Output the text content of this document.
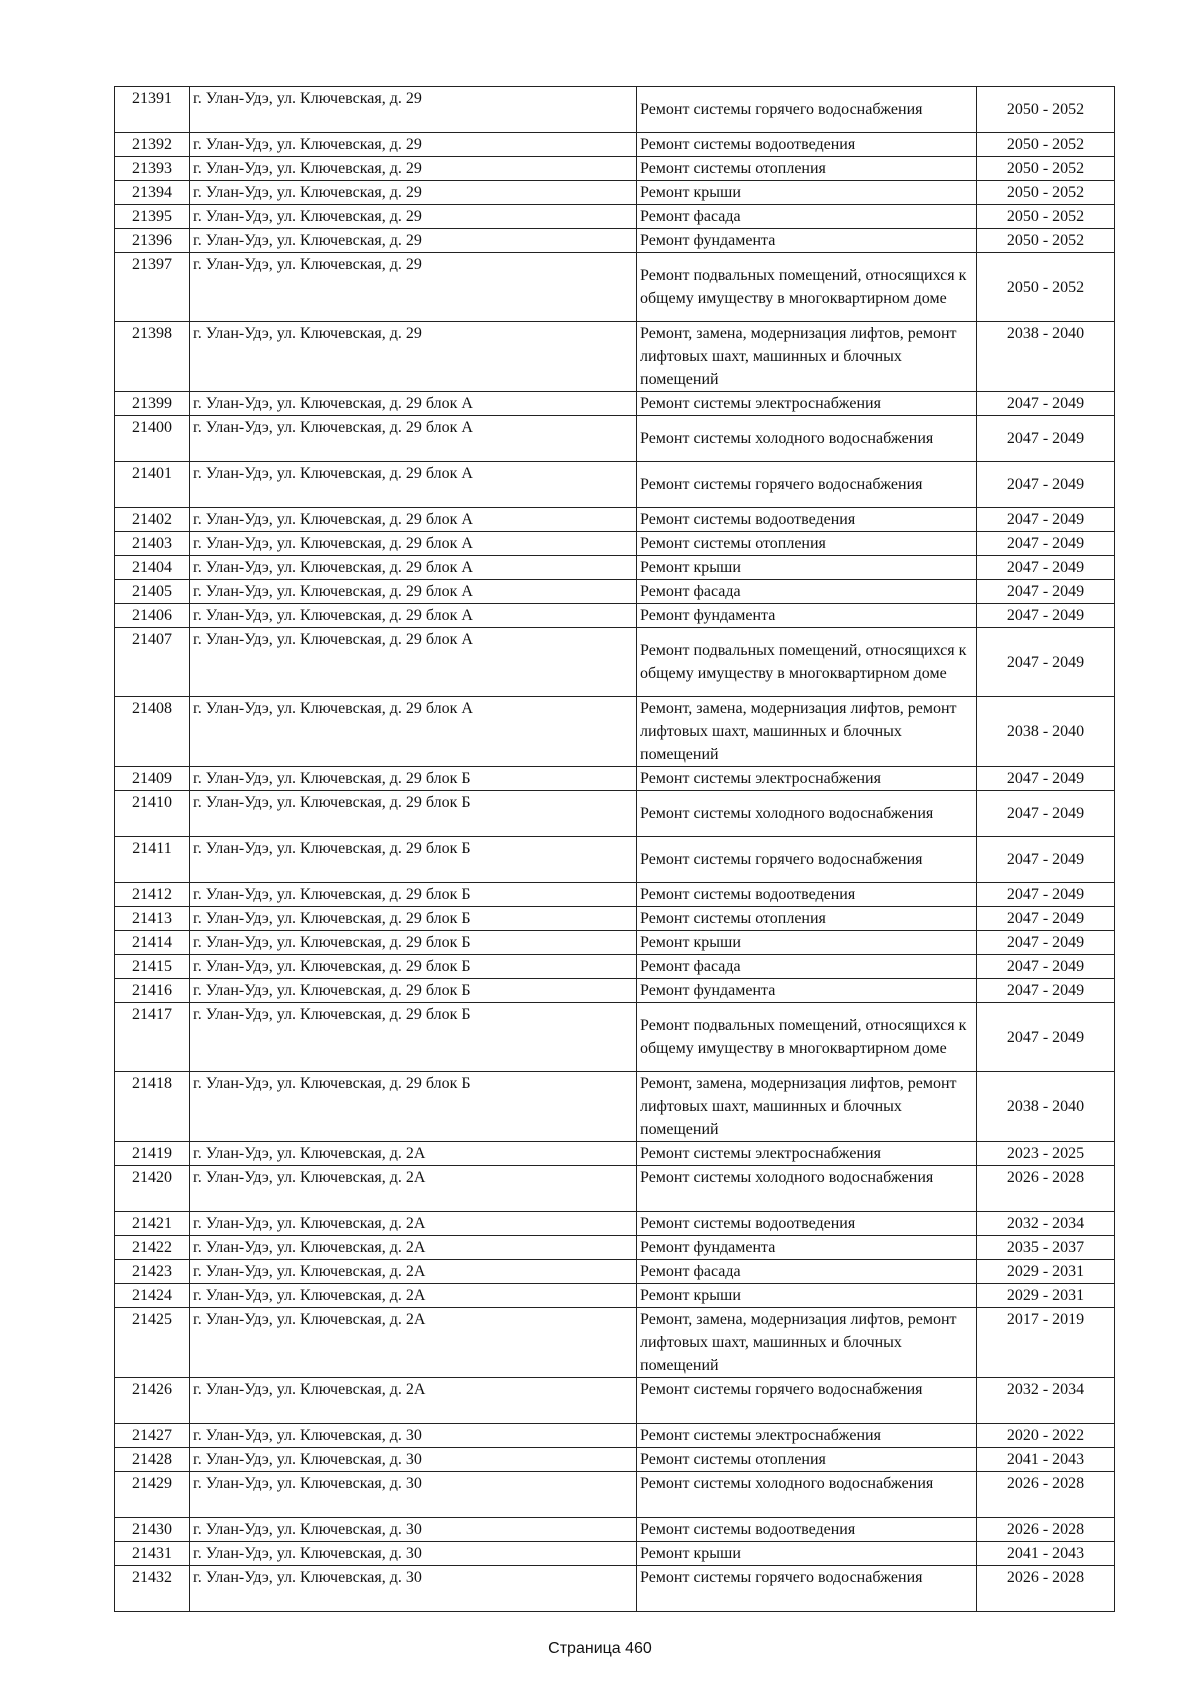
21391	г. Улан-Удэ, ул. Ключевская, д. 29	Ремонт системы горячего водоснабжения	2050 - 2052
21392	г. Улан-Удэ, ул. Ключевская, д. 29	Ремонт системы водоотведения	2050 - 2052
21393	г. Улан-Удэ, ул. Ключевская, д. 29	Ремонт системы отопления	2050 - 2052
21394	г. Улан-Удэ, ул. Ключевская, д. 29	Ремонт крыши	2050 - 2052
21395	г. Улан-Удэ, ул. Ключевская, д. 29	Ремонт фасада	2050 - 2052
21396	г. Улан-Удэ, ул. Ключевская, д. 29	Ремонт фундамента	2050 - 2052
21397	г. Улан-Удэ, ул. Ключевская, д. 29	Ремонт подвальных помещений, относящихся к общему имуществу в многоквартирном доме	2050 - 2052
21398	г. Улан-Удэ, ул. Ключевская, д. 29	Ремонт, замена, модернизация лифтов, ремонт лифтовых шахт, машинных и блочных помещений	2038 - 2040
21399	г. Улан-Удэ, ул. Ключевская, д. 29 блок А	Ремонт системы электроснабжения	2047 - 2049
21400	г. Улан-Удэ, ул. Ключевская, д. 29 блок А	Ремонт системы холодного водоснабжения	2047 - 2049
21401	г. Улан-Удэ, ул. Ключевская, д. 29 блок А	Ремонт системы горячего водоснабжения	2047 - 2049
21402	г. Улан-Удэ, ул. Ключевская, д. 29 блок А	Ремонт системы водоотведения	2047 - 2049
21403	г. Улан-Удэ, ул. Ключевская, д. 29 блок А	Ремонт системы отопления	2047 - 2049
21404	г. Улан-Удэ, ул. Ключевская, д. 29 блок А	Ремонт крыши	2047 - 2049
21405	г. Улан-Удэ, ул. Ключевская, д. 29 блок А	Ремонт фасада	2047 - 2049
21406	г. Улан-Удэ, ул. Ключевская, д. 29 блок А	Ремонт фундамента	2047 - 2049
21407	г. Улан-Удэ, ул. Ключевская, д. 29 блок А	Ремонт подвальных помещений, относящихся к общему имуществу в многоквартирном доме	2047 - 2049
21408	г. Улан-Удэ, ул. Ключевская, д. 29 блок А	Ремонт, замена, модернизация лифтов, ремонт лифтовых шахт, машинных и блочных помещений	2038 - 2040
21409	г. Улан-Удэ, ул. Ключевская, д. 29 блок Б	Ремонт системы электроснабжения	2047 - 2049
21410	г. Улан-Удэ, ул. Ключевская, д. 29 блок Б	Ремонт системы холодного водоснабжения	2047 - 2049
21411	г. Улан-Удэ, ул. Ключевская, д. 29 блок Б	Ремонт системы горячего водоснабжения	2047 - 2049
21412	г. Улан-Удэ, ул. Ключевская, д. 29 блок Б	Ремонт системы водоотведения	2047 - 2049
21413	г. Улан-Удэ, ул. Ключевская, д. 29 блок Б	Ремонт системы отопления	2047 - 2049
21414	г. Улан-Удэ, ул. Ключевская, д. 29 блок Б	Ремонт крыши	2047 - 2049
21415	г. Улан-Удэ, ул. Ключевская, д. 29 блок Б	Ремонт фасада	2047 - 2049
21416	г. Улан-Удэ, ул. Ключевская, д. 29 блок Б	Ремонт фундамента	2047 - 2049
21417	г. Улан-Удэ, ул. Ключевская, д. 29 блок Б	Ремонт подвальных помещений, относящихся к общему имуществу в многоквартирном доме	2047 - 2049
21418	г. Улан-Удэ, ул. Ключевская, д. 29 блок Б	Ремонт, замена, модернизация лифтов, ремонт лифтовых шахт, машинных и блочных помещений	2038 - 2040
21419	г. Улан-Удэ, ул. Ключевская, д. 2А	Ремонт системы электроснабжения	2023 - 2025
21420	г. Улан-Удэ, ул. Ключевская, д. 2А	Ремонт системы холодного водоснабжения	2026 - 2028
21421	г. Улан-Удэ, ул. Ключевская, д. 2А	Ремонт системы водоотведения	2032 - 2034
21422	г. Улан-Удэ, ул. Ключевская, д. 2А	Ремонт фундамента	2035 - 2037
21423	г. Улан-Удэ, ул. Ключевская, д. 2А	Ремонт фасада	2029 - 2031
21424	г. Улан-Удэ, ул. Ключевская, д. 2А	Ремонт крыши	2029 - 2031
21425	г. Улан-Удэ, ул. Ключевская, д. 2А	Ремонт, замена, модернизация лифтов, ремонт лифтовых шахт, машинных и блочных помещений	2017 - 2019
21426	г. Улан-Удэ, ул. Ключевская, д. 2А	Ремонт системы горячего водоснабжения	2032 - 2034
21427	г. Улан-Удэ, ул. Ключевская, д. 30	Ремонт системы электроснабжения	2020 - 2022
21428	г. Улан-Удэ, ул. Ключевская, д. 30	Ремонт системы отопления	2041 - 2043
21429	г. Улан-Удэ, ул. Ключевская, д. 30	Ремонт системы холодного водоснабжения	2026 - 2028
21430	г. Улан-Удэ, ул. Ключевская, д. 30	Ремонт системы водоотведения	2026 - 2028
21431	г. Улан-Удэ, ул. Ключевская, д. 30	Ремонт крыши	2041 - 2043
21432	г. Улан-Удэ, ул. Ключевская, д. 30	Ремонт системы горячего водоснабжения	2026 - 2028
Страница 460
